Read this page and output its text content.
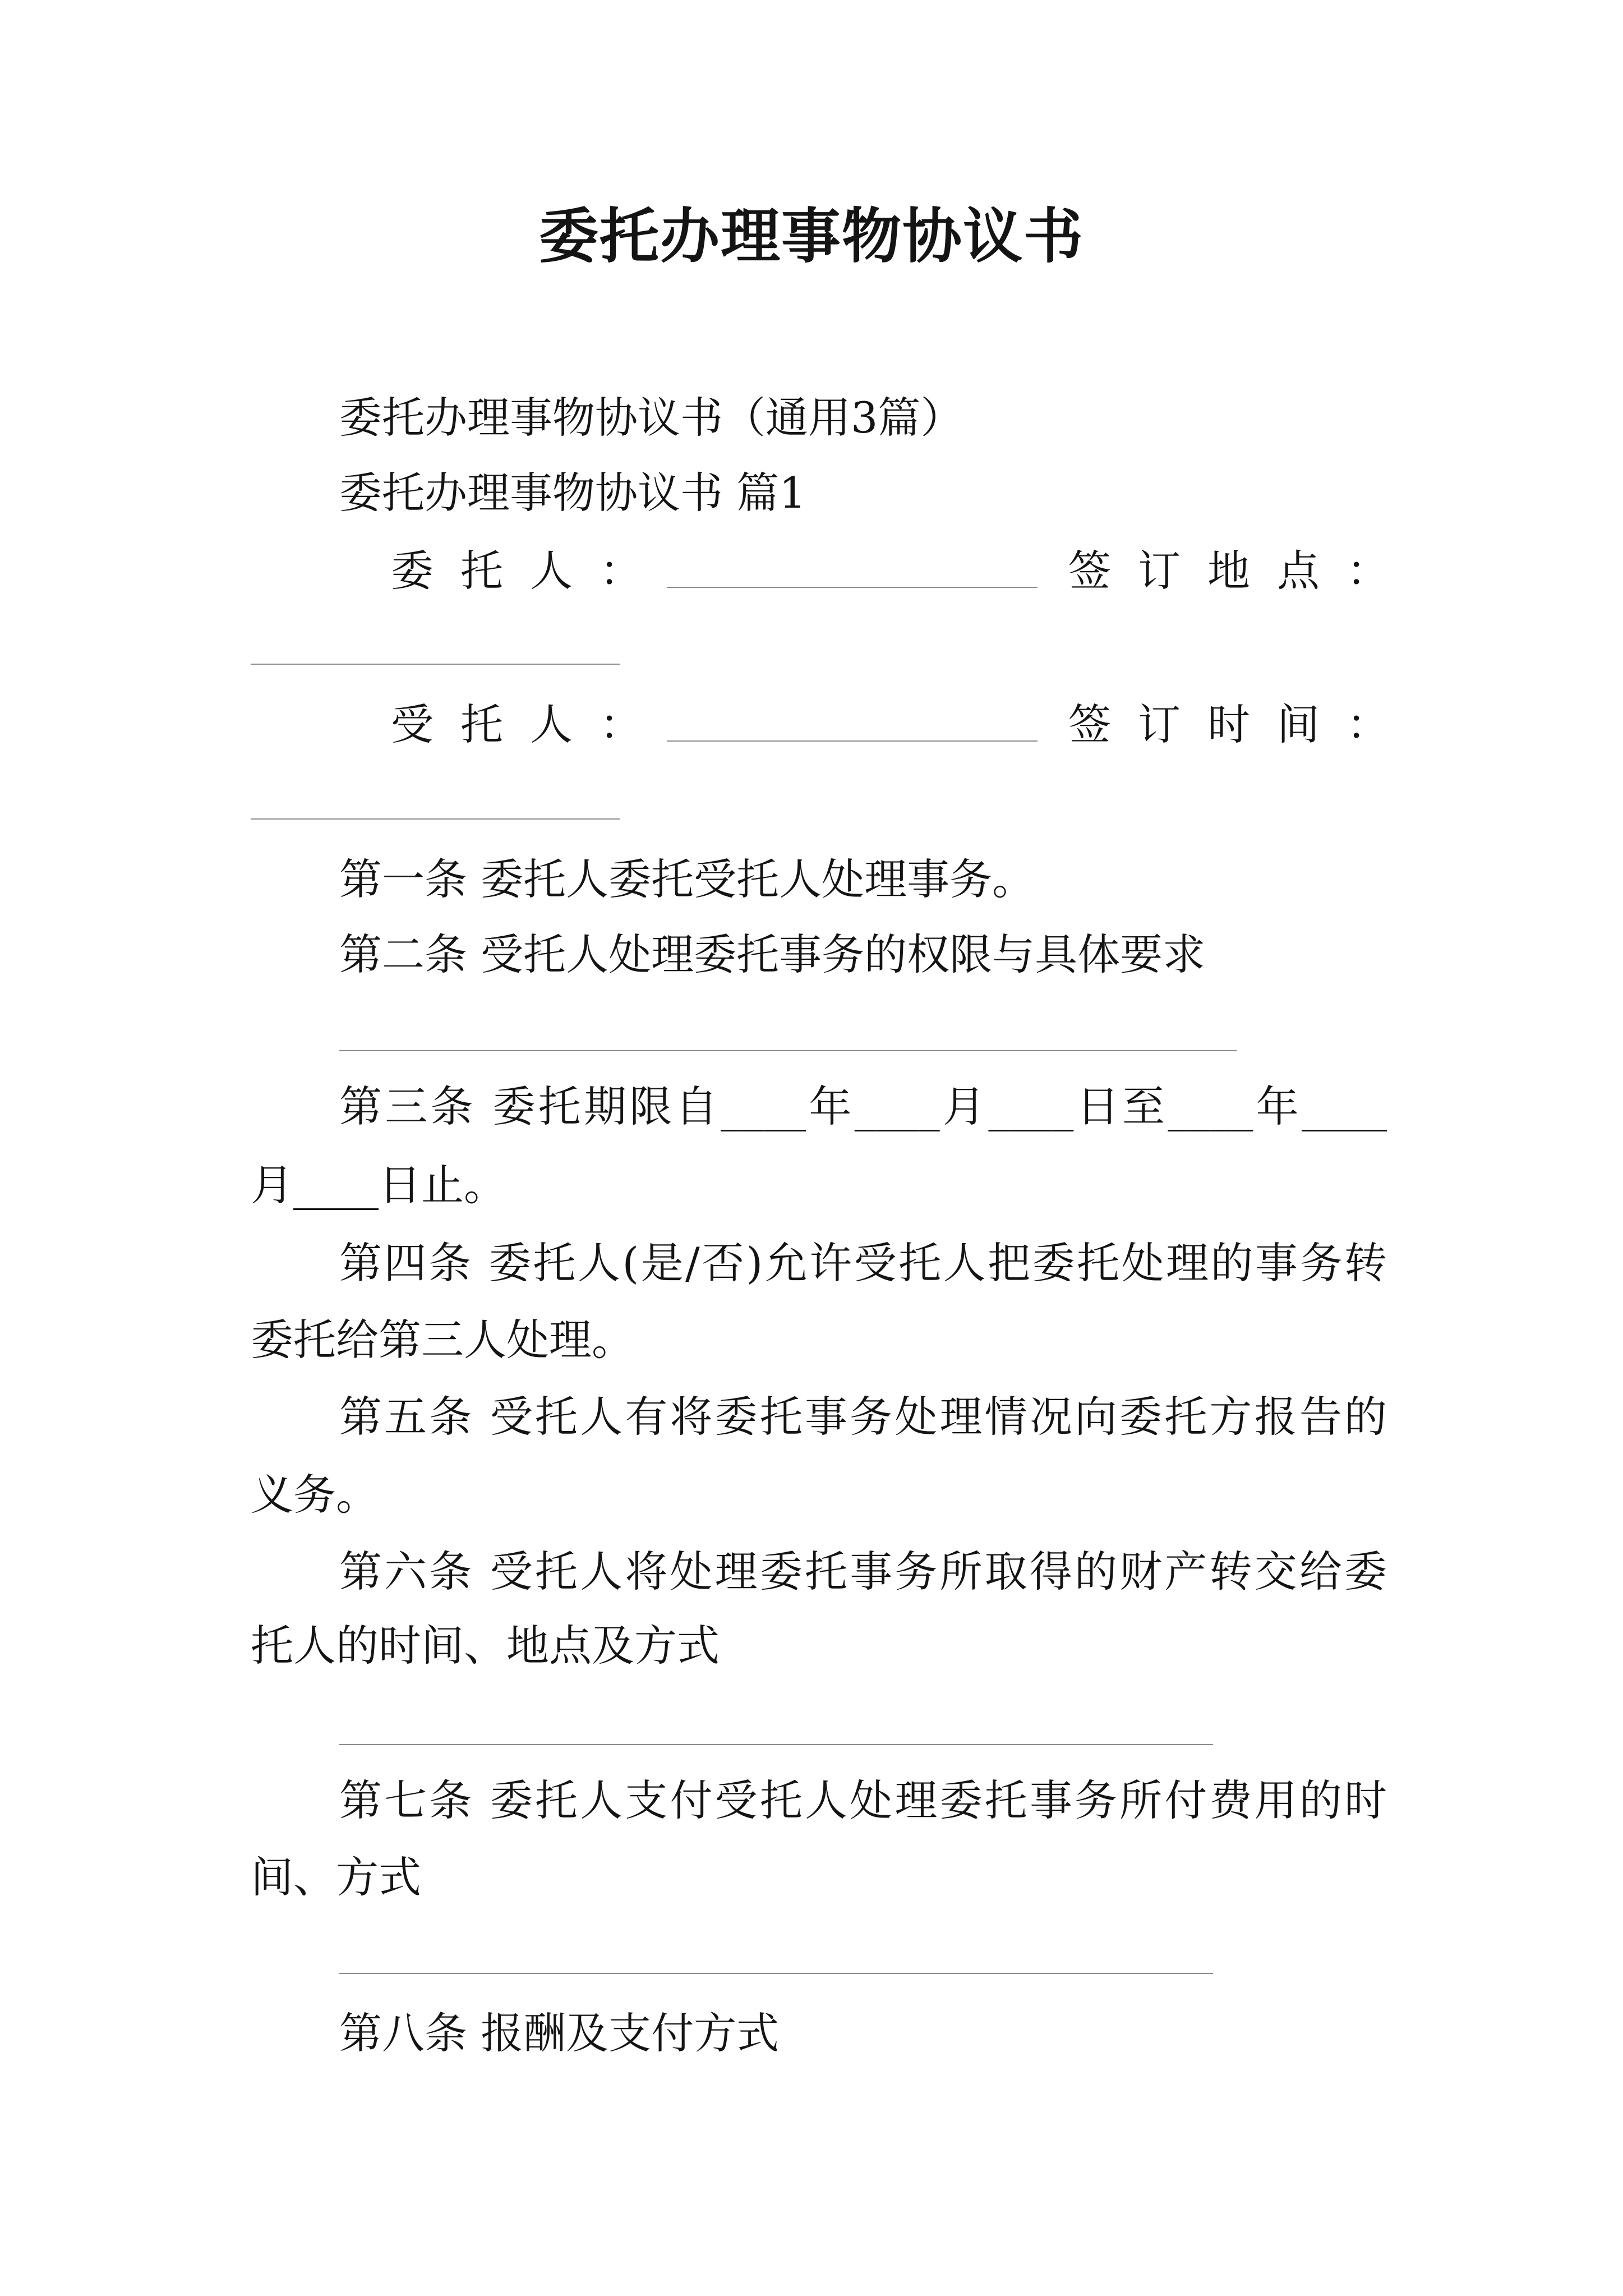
委托办理事物协议书
委托办理事物协议书（通用3篇）
委托办理事物协议书 篇1
委托人：	签订地点：
受托人：	签订时间：
第一条 委托人委托受托人处理事务。
第二条 受托人处理委托事务的权限与具体要求
第三条 委托期限自____年____月____日至____年____
月____日止。
第四条 委托人(是/否)允许受托人把委托处理的事务转
委托给第三人处理。
第五条 受托人有将委托事务处理情况向委托方报告的
义务。
第六条 受托人将处理委托事务所取得的财产转交给委
托人的时间、地点及方式
第七条 委托人支付受托人处理委托事务所付费用的时
间、方式
第八条 报酬及支付方式
